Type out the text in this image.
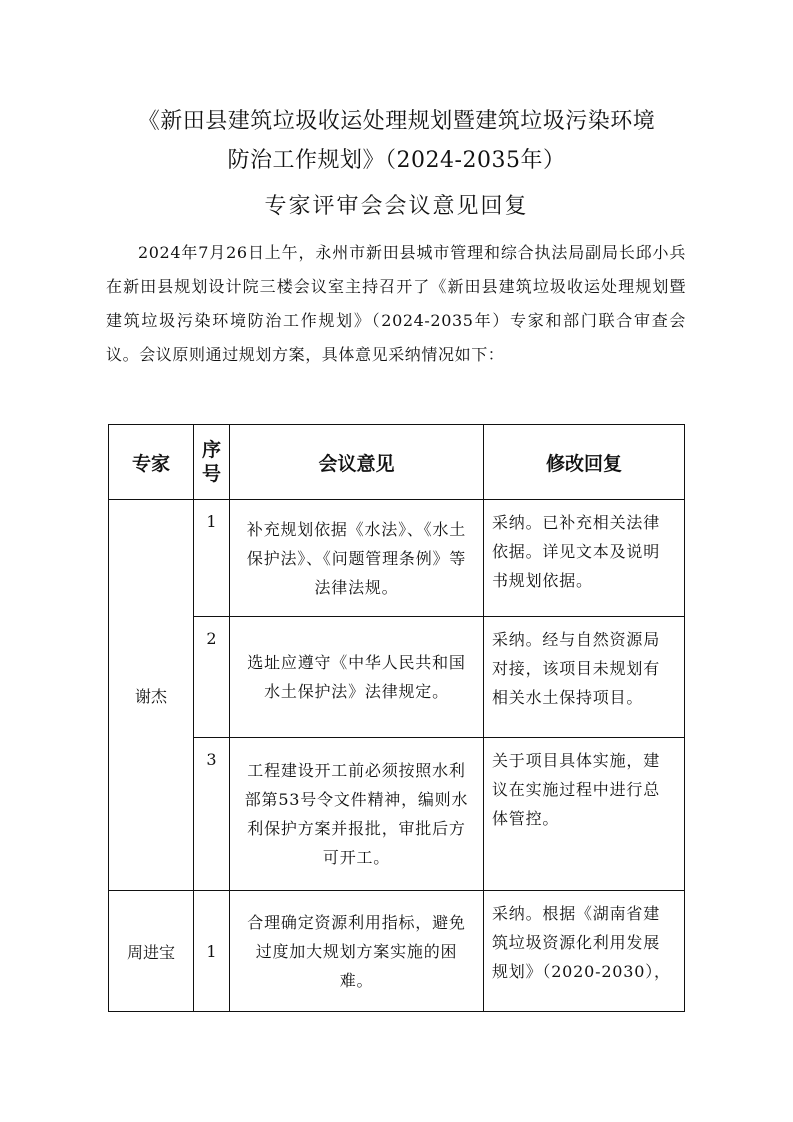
《新田县建筑垃圾收运处理规划暨建筑垃圾污染环境
防治工作规划》（2024-2035年）
专家评审会会议意见回复

2024年7月26日上午，永州市新田县城市管理和综合执法局副局长邱小兵在新田县规划设计院三楼会议室主持召开了《新田县建筑垃圾收运处理规划暨建筑垃圾污染环境防治工作规划》（2024-2035年）专家和部门联合审查会议。会议原则通过规划方案，具体意见采纳情况如下：

专家	序号	会议意见	修改回复
谢杰	1	补充规划依据《水法》、《水土保护法》、《问题管理条例》等法律法规。	采纳。已补充相关法律依据。详见文本及说明书规划依据。
	2	选址应遵守《中华人民共和国水土保护法》法律规定。	采纳。经与自然资源局对接，该项目未规划有相关水土保持项目。
	3	工程建设开工前必须按照水利部第53号令文件精神，编则水利保护方案并报批，审批后方可开工。	关于项目具体实施，建议在实施过程中进行总体管控。
周进宝	1	合理确定资源利用指标，避免过度加大规划方案实施的困难。	采纳。根据《湖南省建筑垃圾资源化利用发展规划》（2020-2030），
